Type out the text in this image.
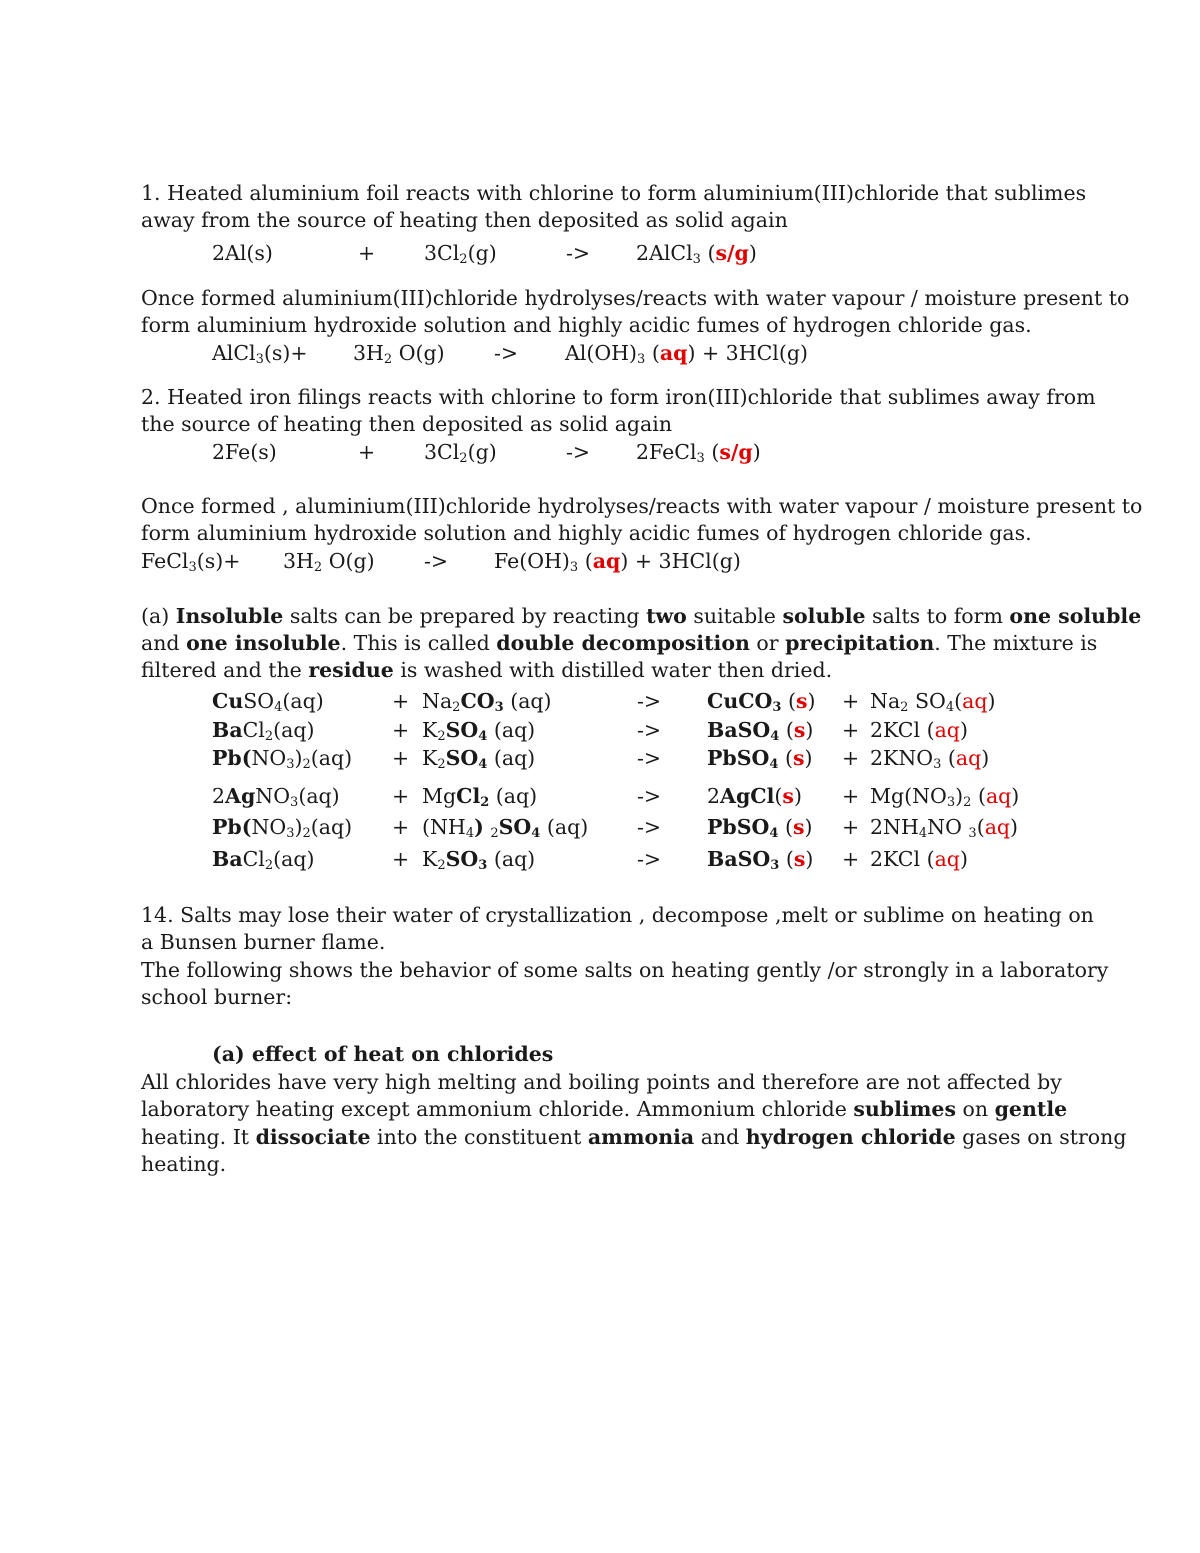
1. Heated aluminium foil reacts with chlorine to form aluminium(III)chloride that sublimes
away from the source of heating then deposited as solid again
2Al(s)	+ $3Cl_2(g)$	-> 2AlCl$_3$ (s/g)
Once formed aluminium(III)chloride hydrolyses/reacts with water vapour / moisture present to
form aluminium hydroxide solution and highly acidic fumes of hydrogen chloride gas.
AlCl$_3$(s)+ $3H_2$ $O(g) -> Al(OH)_3$ (aq) + 3HCl(g)
2. Heated iron filings reacts with chlorine to form iron(III)chloride that sublimes away from
the source of heating then deposited as solid again
2Fe(s)	+ $3Cl_2(g)$	-> 2FeCl$_3$ (s/g)
Once formed , aluminium(III)chloride hydrolyses/reacts with water vapour / moisture present to
form aluminium hydroxide solution and highly acidic fumes of hydrogen chloride gas.
FeCl$_3$(s)+ $3H_2$ $O(g) -> Fe(OH)_3$ (aq) + 3HCl(g)
(a) Insoluble salts can be prepared by reacting two suitable soluble salts to form one soluble
and one insoluble. This is called double decomposition or precipitation. The mixture is
filtered and the residue is washed with distilled water then dried.
CuSO$_4$(aq)	+ $Na_2CO_3$ (aq)	-> CuCO$_3$ $(s) + Na_2$ $SO_4(aq)$
BaCl$_2$(aq)	+ $K_2SO_4$ (aq)	-> BaSO$_4$ (s) + 2KCl (aq)
$Pb(NO_3)_2(aq) + K_2SO_4$ (aq)	-> PbSO$_4$ $(s) + 2KNO_3$ (aq)
2AgNO$_3$(aq)	+ MgCl$_2$ (aq)	-> 2AgCl(s) + $Mg(NO_3)_2$ (aq)
$Pb(NO_3)_2(aq) + (NH_4)$ $_2SO_4$ (aq) -> PbSO$_4$ $(s) + 2NH_4NO$ $_3$(aq)
BaCl$_2$(aq)	+ $K_2SO_3$ (aq)	-> BaSO$_3$ (s) + 2KCl (aq)
14. Salts may lose their water of crystallization , decompose ,melt or sublime on heating on
a Bunsen burner flame.
The following shows the behavior of some salts on heating gently /or strongly in a laboratory
school burner:
(a) effect of heat on chlorides
All chlorides have very high melting and boiling points and therefore are not affected by
laboratory heating except ammonium chloride. Ammonium chloride sublimes on gentle
heating. It dissociate into the constituent ammonia and hydrogen chloride gases on strong
heating.
